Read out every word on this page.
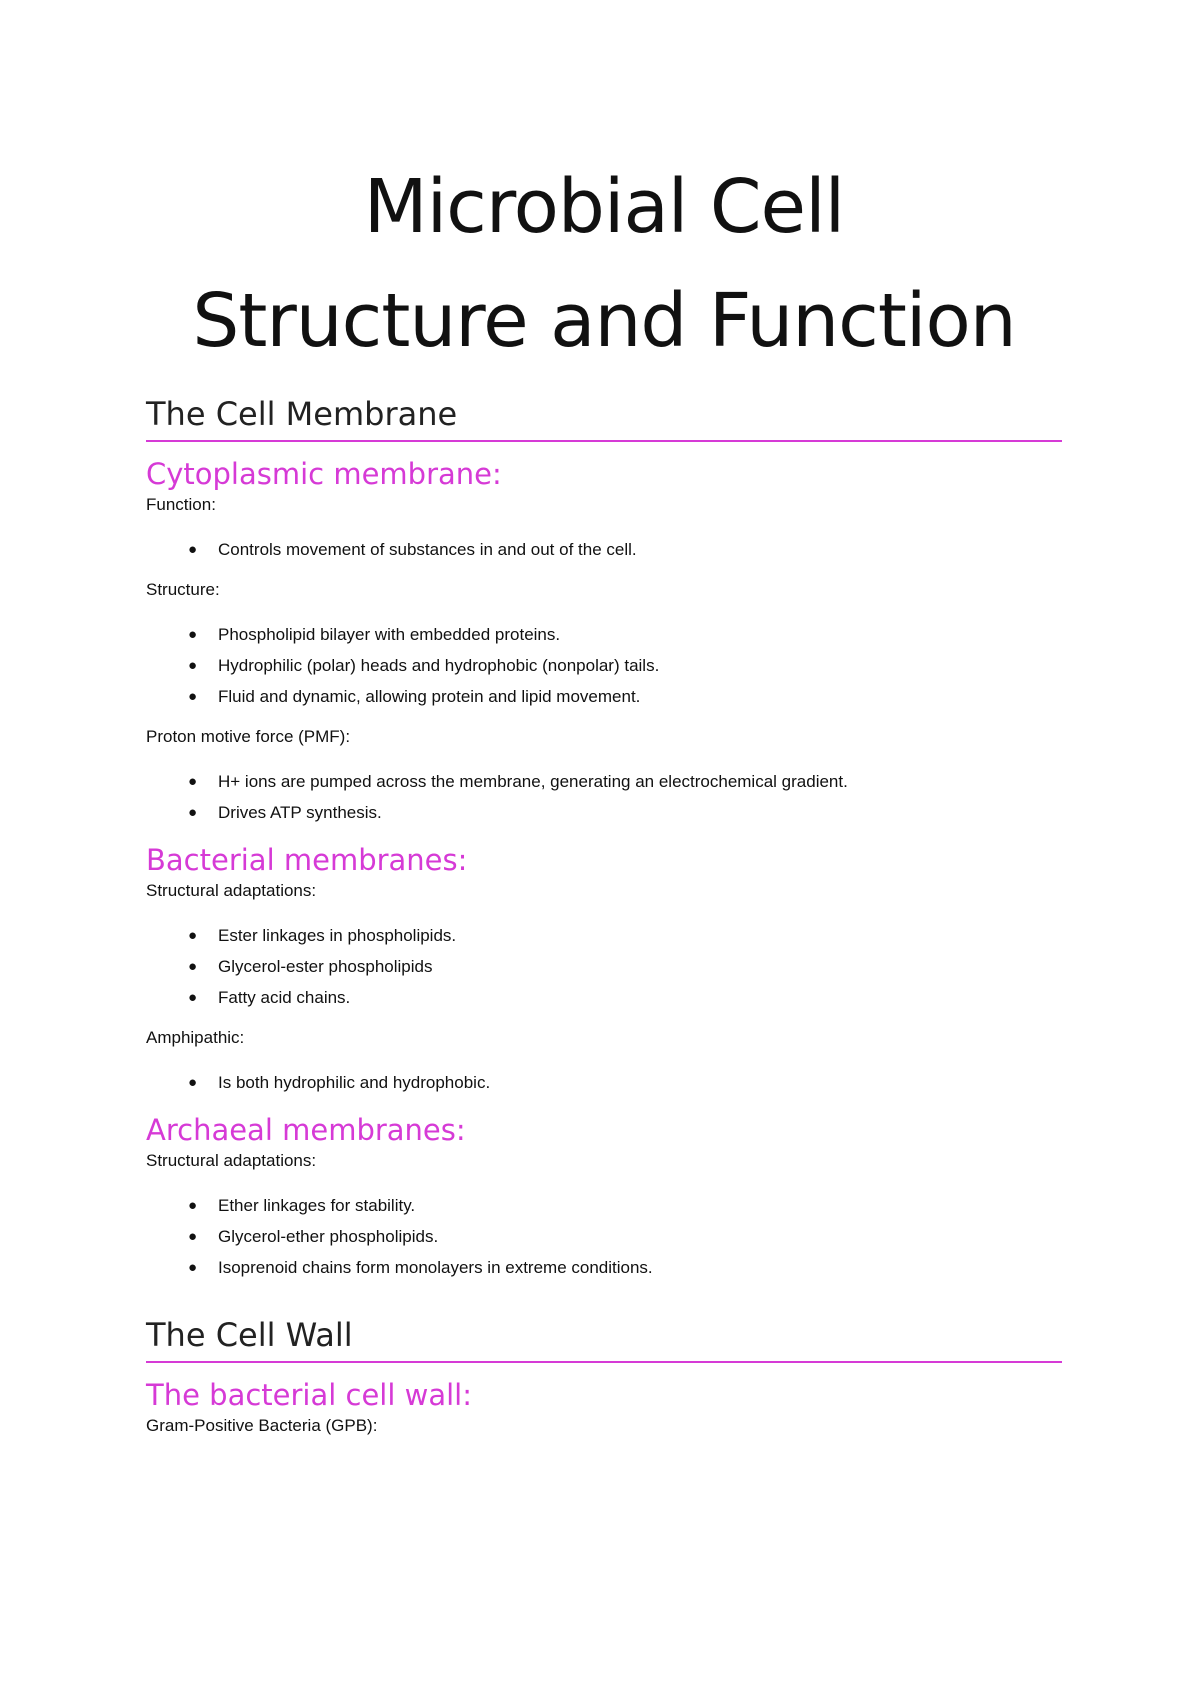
Microbial Cell
Structure and Function
The Cell Membrane
Cytoplasmic membrane:

Function:

● Controls movement of substances in and out of the cell.

Structure:

● Phospholipid bilayer with embedded proteins.
● Hydrophilic (polar) heads and hydrophobic (nonpolar) tails.
● Fluid and dynamic, allowing protein and lipid movement.

Proton motive force (PMF):

● H+ ions are pumped across the membrane, generating an electrochemical gradient.
● Drives ATP synthesis.
Bacterial membranes:

Structural adaptations:

● Ester linkages in phospholipids.
● Glycerol-ester phospholipids
● Fatty acid chains.

Amphipathic:

● Is both hydrophilic and hydrophobic.
Archaeal membranes:

Structural adaptations:

● Ether linkages for stability.
● Glycerol-ether phospholipids.
● Isoprenoid chains form monolayers in extreme conditions.
The Cell Wall
The bacterial cell wall:

Gram-Positive Bacteria (GPB):
